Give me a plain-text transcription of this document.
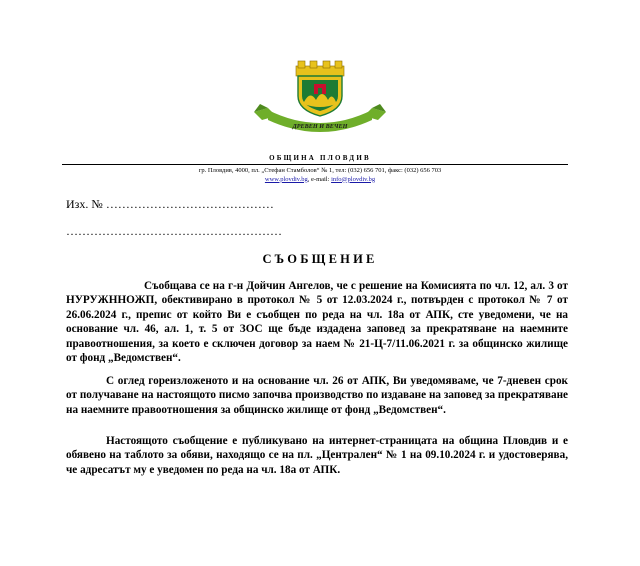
ДРЕВЕН И ВЕЧЕН
ОБЩИНА ПЛОВДИВ
гр. Пловдив, 4000, пл. „Стефан Стамболов“ № 1, тел: (032) 656 701, факс: (032) 656 703
www.plovdiv.bg, e-mail: info@plovdiv.bg
Изх. № ……………………………………
………………………………………………
СЪОБЩЕНИЕ

Съобщава се на г-н Дойчин Ангелов, че с решение на Комисията по чл. 12, ал. 3 от НУРУЖННОЖП, обективирано в протокол № 5 от 12.03.2024 г., потвърден с протокол № 7 от 26.06.2024 г., препис от който Ви е съобщен по реда на чл. 18а от АПК, сте уведомени, че на основание чл. 46, ал. 1, т. 5 от ЗОС ще бъде издадена заповед за прекратяване на наемните правоотношения, за което е сключен договор за наем № 21-Ц-7/11.06.2021 г. за общинско жилище от фонд „Ведомствен“.

С оглед гореизложеното и на основание чл. 26 от АПК, Ви уведомяваме, че 7-дневен срок от получаване на настоящото писмо започва производство по издаване на заповед за прекратяване на наемните правоотношения за общинско жилище от фонд „Ведомствен“.

Настоящото съобщение е публикувано на интернет-страницата на община Пловдив и е обявено на таблото за обяви, находящо се на пл. „Централен“ № 1 на 09.10.2024 г. и удостоверява, че адресатът му е уведомен по реда на чл. 18а от АПК.
